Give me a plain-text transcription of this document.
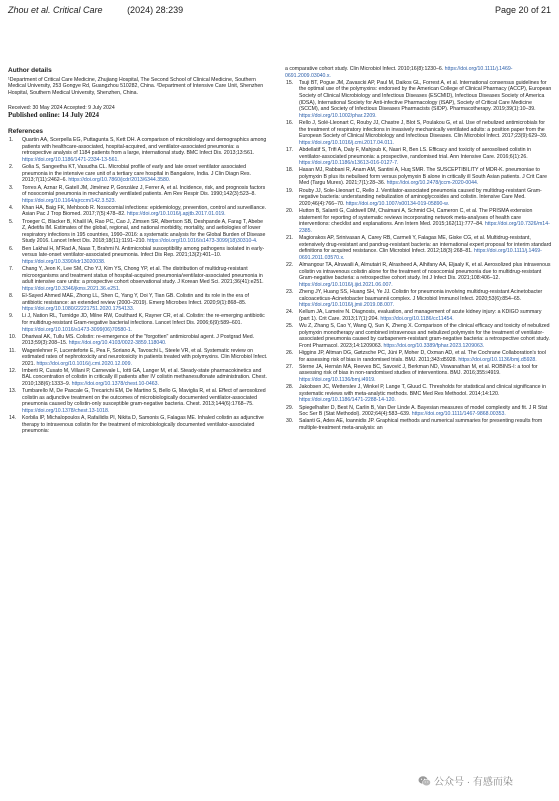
Zhou et al. Critical Care	(2024) 28:239	Page 20 of 21
Author details
¹Department of Critical Care Medicine, Zhujiang Hospital, The Second School of Clinical Medicine, Southern Medical University, 253 Gongye Rd, Guangzhou 510282, China. ²Department of Intensive Care Unit, Shenzhen Hospital, Southern Medical University, Shenzhen, China.
Received: 30 May 2024 Accepted: 9 July 2024
Published online: 14 July 2024
References
1. Quartin AA, Scerpella EG, Puttagunta S, Kett DH. A comparison of microbiology and demographics among patients with healthcare-associated, hospital-acquired, and ventilator-associated pneumonia: a retrospective analysis of 1184 patients from a large, international study. BMC Infect Dis. 2013;13:561. https://doi.org/10.1186/1471-2334-13-561.
2. Golia S, Sangeetha KT, Vasudha CL. Microbial profile of early and late onset ventilator associated pneumonia in the intensive care unit of a tertiary care hospital in Bangalore, India. J Clin Diagn Res. 2013;7(11):2462–6. https://doi.org/10.7860/jcdr/2013/6344.3580.
3. Torres A, Aznar R, Gatell JM, Jiménez P, González J, Ferrer A, et al. Incidence, risk, and prognosis factors of nosocomial pneumonia in mechanically ventilated patients. Am Rev Respir Dis. 1990;142(3):523–8. https://doi.org/10.1164/ajrccm/142.3.523.
4. Khan HA, Baig FK, Mehboob R. Nosocomial infections: epidemiology, prevention, control and surveillance. Asian Pac J Trop Biomed. 2017;7(5):478–82. https://doi.org/10.1016/j.apjtb.2017.01.019.
5. Troeger C, Blacker B, Khalil IA, Rao PC, Cao J, Zimsen SR, Albertson SB, Deshpande A, Farag T, Abebe Z, Adetifa IM. Estimates of the global, regional, and national morbidity, mortality, and aetiologies of lower respiratory infections in 195 countries, 1990–2016: a systematic analysis for the Global Burden of Disease Study 2016. Lancet Infect Dis. 2018;18(11):1191–210. https://doi.org/10.1016/s1473-3099(18)30310-4.
6. Ben Lakhal H, M'Rad A, Naas T, Brahmi N. Antimicrobial susceptibility among pathogens isolated in early- versus late-onset ventilator-associated pneumonia. Infect Dis Rep. 2021;13(2):401–10. https://doi.org/10.3390/idr13020038.
7. Chang Y, Jeon K, Lee SM, Cho YJ, Kim YS, Chong YP, et al. The distribution of multidrug-resistant microorganisms and treatment status of hospital-acquired pneumonia/ventilator-associated pneumonia in adult intensive care units: a prospective cohort observational study. J Korean Med Sci. 2021;36(41):e251. https://doi.org/10.3346/jkms.2021.36.e251.
8. El-Sayed Ahmed MAE, Zhong LL, Shen C, Yang Y, Doi Y, Tian GB. Colistin and its role in the era of antibiotic resistance: an extended review (2000–2019). Emerg Microbes Infect. 2020;9(1):868–85. https://doi.org/10.1080/22221751.2020.1754133.
9. Li J, Nation RL, Turnidge JD, Milne RW, Coulthard K, Rayner CR, et al. Colistin: the re-emerging antibiotic for multidrug-resistant Gram-negative bacterial infections. Lancet Infect Dis. 2006;6(9):589–601. https://doi.org/10.1016/s1473-3099(06)70580-1.
10. Dhariwal AK, Tullu MS. Colistin: re-emergence of the "forgotten" antimicrobial agent. J Postgrad Med. 2013;59(3):208–15. https://doi.org/10.4103/0022-3859.118040.
11. Wagenlehner F, Lucenteforte E, Pea F, Soriano A, Tavoschi L, Steele VR, et al. Systematic review on estimated rates of nephrotoxicity and neurotoxicity in patients treated with polymyxins. Clin Microbiol Infect. 2021. https://doi.org/10.1016/j.cmi.2020.12.009.
12. Imberti R, Cusato M, Villani P, Carnevale L, Iotti GA, Langer M, et al. Steady-state pharmacokinetics and BAL concentration of colistin in critically ill patients after IV colistin methanesulfonate administration. Chest. 2010;138(6):1333–9. https://doi.org/10.1378/chest.10-0463.
13. Tumbarello M, De Pascale G, Trecarichi EM, De Martino S, Bello G, Maviglia R, et al. Effect of aerosolized colistin as adjunctive treatment on the outcomes of microbiologically documented ventilator-associated pneumonia caused by colistin-only susceptible gram-negative bacteria. Chest. 2013;144(6):1768–75. https://doi.org/10.1378/chest.13-1018.
14. Korbila IP, Michalopoulos A, Rafailidis PI, Nikita D, Samonis G, Falagas ME. Inhaled colistin as adjunctive therapy to intravenous colistin for the treatment of microbiologically documented ventilator-associated pneumonia:
a comparative cohort study. Clin Microbiol Infect. 2010;16(8):1230–6. https://doi.org/10.1111/j.1469-0691.2009.03040.x.
15. Tsuji BT, Pogue JM, Zavascki AP, Paul M, Daikos GL, Forrest A, et al. International consensus guidelines for the optimal use of the polymyxins: endorsed by the American College of Clinical Pharmacy (ACCP), European Society of Clinical Microbiology and Infectious Diseases (ESCMID), Infectious Diseases Society of America (IDSA), International Society for Anti-infective Pharmacology (ISAP), Society of Critical Care Medicine (SCCM), and Society of Infectious Diseases Pharmacists (SIDP). Pharmacotherapy. 2019;39(1):10–39. https://doi.org/10.1002/phar.2209.
16. Rello J, Solé-Lleonart C, Rouby JJ, Chastre J, Blot S, Poulakou G, et al. Use of nebulized antimicrobials for the treatment of respiratory infections in invasively mechanically ventilated adults: a position paper from the European Society of Clinical Microbiology and Infectious Diseases. Clin Microbiol Infect. 2017;23(9):629–39. https://doi.org/10.1016/j.cmi.2017.04.011.
17. Abdellatif S, Trifi A, Daly F, Mahjoub K, Nasri R, Ben LS. Efficacy and toxicity of aerosolised colistin in ventilator-associated pneumonia: a prospective, randomised trial. Ann Intensive Care. 2016;6(1):26. https://doi.org/10.1186/s13613-016-0127-7.
18. Hasan MJ, Rabbani R, Anam AM, Santini A, Huq SMR. The SUSCEPTIBILITY of MDR-K. pneumoniae to polymyxin B plus its nebulised form versus polymyxin B alone in critically ill South Asian patients. J Crit Care Med (Targu Mures). 2021;7(1):28–36. https://doi.org/10.2478/jccm-2020-0044.
19. Rouby JJ, Sole-Lleonart C, Rello J. Ventilator-associated pneumonia caused by multidrug-resistant Gram-negative bacteria: understanding nebulization of aminoglycosides and colistin. Intensive Care Med. 2020;46(4):766–70. https://doi.org/10.1007/s00134-019-05890-w.
20. Hutton B, Salanti G, Caldwell DM, Chaimani A, Schmid CH, Cameron C, et al. The PRISMA extension statement for reporting of systematic reviews incorporating network meta-analyses of health care interventions: checklist and explanations. Ann Intern Med. 2015;162(11):777–84. https://doi.org/10.7326/m14-2385.
21. Magiorakos AP, Srinivasan A, Carey RB, Carmeli Y, Falagas ME, Giske CG, et al. Multidrug-resistant, extensively drug-resistant and pandrug-resistant bacteria: an international expert proposal for interim standard definitions for acquired resistance. Clin Microbiol Infect. 2012;18(3):268–81. https://doi.org/10.1111/j.1469-0691.2011.03570.x.
22. Almangour TA, Alruwaili A, Almutairi R, Alrasheed A, Alhifany AA, Eljaaly K, et al. Aerosolized plus intravenous colistin vs intravenous colistin alone for the treatment of nosocomial pneumonia due to multidrug-resistant Gram-negative bacteria: a retrospective cohort study. Int J Infect Dis. 2021;108:406–12. https://doi.org/10.1016/j.ijid.2021.06.007.
23. Zheng JY, Huang SS, Huang SH, Ye JJ. Colistin for pneumonia involving multidrug-resistant Acinetobacter calcoaceticus-Acinetobacter baumannii complex. J Microbiol Immunol Infect. 2020;53(6):854–65. https://doi.org/10.1016/j.jmii.2019.08.007.
24. Kellum JA, Lameire N. Diagnosis, evaluation, and management of acute kidney injury: a KDIGO summary (part 1). Crit Care. 2013;17(1):204. https://doi.org/10.1186/cc11454.
25. Wu Z, Zhang S, Cao Y, Wang Q, Sun K, Zheng X. Comparison of the clinical efficacy and toxicity of nebulized polymyxin monotherapy and combined intravenous and nebulized polymyxin for the treatment of ventilator-associated pneumonia caused by carbapenem-resistant gram-negative bacteria: a retrospective cohort study. Front Pharmacol. 2023;14:1209063. https://doi.org/10.3389/fphar.2023.1209063.
26. Higgins JP, Altman DG, Gøtzsche PC, Jüni P, Moher D, Oxman AD, et al. The Cochrane Collaboration's tool for assessing risk of bias in randomised trials. BMJ. 2011;343:d5928. https://doi.org/10.1136/bmj.d5928.
27. Sterne JA, Hernán MA, Reeves BC, Savović J, Berkman ND, Viswanathan M, et al. ROBINS-I: a tool for assessing risk of bias in non-randomised studies of interventions. BMJ. 2016;355:i4919. https://doi.org/10.1136/bmj.i4919.
28. Jakobsen JC, Wetterslev J, Winkel P, Lange T, Gluud C. Thresholds for statistical and clinical significance in systematic reviews with meta-analytic methods. BMC Med Res Methodol. 2014;14:120. https://doi.org/10.1186/1471-2288-14-120.
29. Spiegelhalter D, Best N, Carlin B, Van Der Linde A. Bayesian measures of model complexity and fit. J R Stat Soc Ser B (Stat Methodol). 2002;64(4):583–639. https://doi.org/10.1111/1467-9868.00353.
30. Salanti G, Ades AE, Ioannidis JP. Graphical methods and numerical summaries for presenting results from multiple-treatment meta-analysis: an
公众号 · 有感而染
